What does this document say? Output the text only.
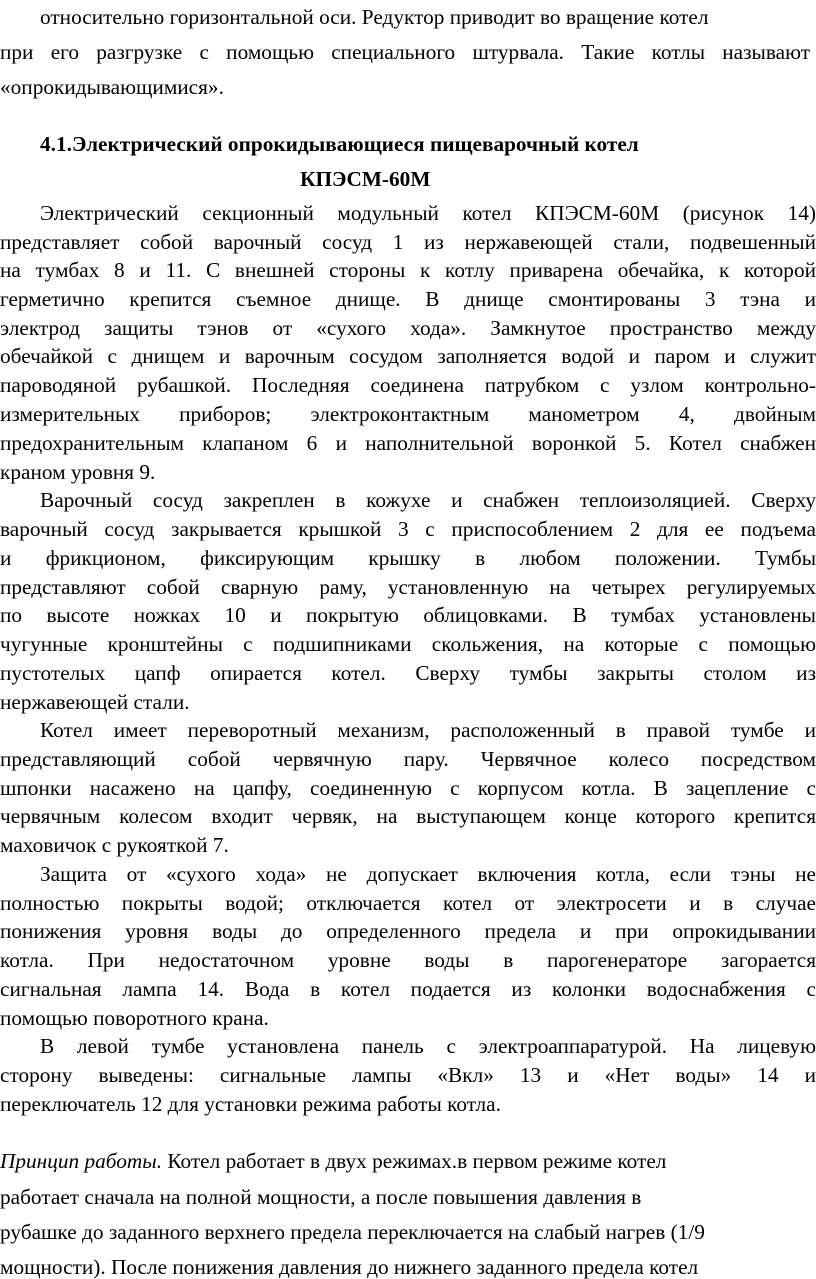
относительно горизонтальной оси. Редуктор приводит во вращение котел
при его разгрузке с помощью специального штурвала. Такие котлы называют
«опрокидывающимися».
4.1.Электрический опрокидывающиеся пищеварочный котел
КПЭСМ-60М
Электрический секционный модульный котел КПЭСМ-60М (рисунок 14)
представляет собой варочный сосуд 1 из нержавеющей стали, подвешенный
на тумбах 8 и 11. С внешней стороны к котлу приварена обечайка, к которой
герметично крепится съемное днище. В днище смонтированы 3 тэна и
электрод защиты тэнов от «сухого хода». Замкнутое пространство между
обечайкой с днищем и варочным сосудом заполняется водой и паром и служит
пароводяной рубашкой. Последняя соединена патрубком с узлом контрольно-
измерительных приборов; электроконтактным манометром 4, двойным
предохранительным клапаном 6 и наполнительной воронкой 5. Котел снабжен
краном уровня 9.
Варочный сосуд закреплен в кожухе и снабжен теплоизоляцией. Сверху
варочный сосуд закрывается крышкой 3 с приспособлением 2 для ее подъема
и фрикционом, фиксирующим крышку в любом положении. Тумбы
представляют собой сварную раму, установленную на четырех регулируемых
по высоте ножках 10 и покрытую облицовками. В тумбах установлены
чугунные кронштейны с подшипниками скольжения, на которые с помощью
пустотелых цапф опирается котел. Сверху тумбы закрыты столом из
нержавеющей стали.
Котел имеет переворотный механизм, расположенный в правой тумбе и
представляющий собой червячную пару. Червячное колесо посредством
шпонки насажено на цапфу, соединенную с корпусом котла. В зацепление с
червячным колесом входит червяк, на выступающем конце которого крепится
маховичок с рукояткой 7.
Защита от «сухого хода» не допускает включения котла, если тэны не
полностью покрыты водой; отключается котел от электросети и в случае
понижения уровня воды до определенного предела и при опрокидывании
котла. При недостаточном уровне воды в парогенераторе загорается
сигнальная лампа 14. Вода в котел подается из колонки водоснабжения с
помощью поворотного крана.
В левой тумбе установлена панель с электроаппаратурой. На лицевую
сторону выведены: сигнальные лампы «Вкл» 13 и «Нет воды» 14 и
переключатель 12 для установки режима работы котла.
Принцип работы. Котел работает в двух режимах.в первом режиме котел
работает сначала на полной мощности, а после повышения давления в
рубашке до заданного верхнего предела переключается на слабый нагрев (1/9
мощности). После понижения давления до нижнего заданного предела котел
